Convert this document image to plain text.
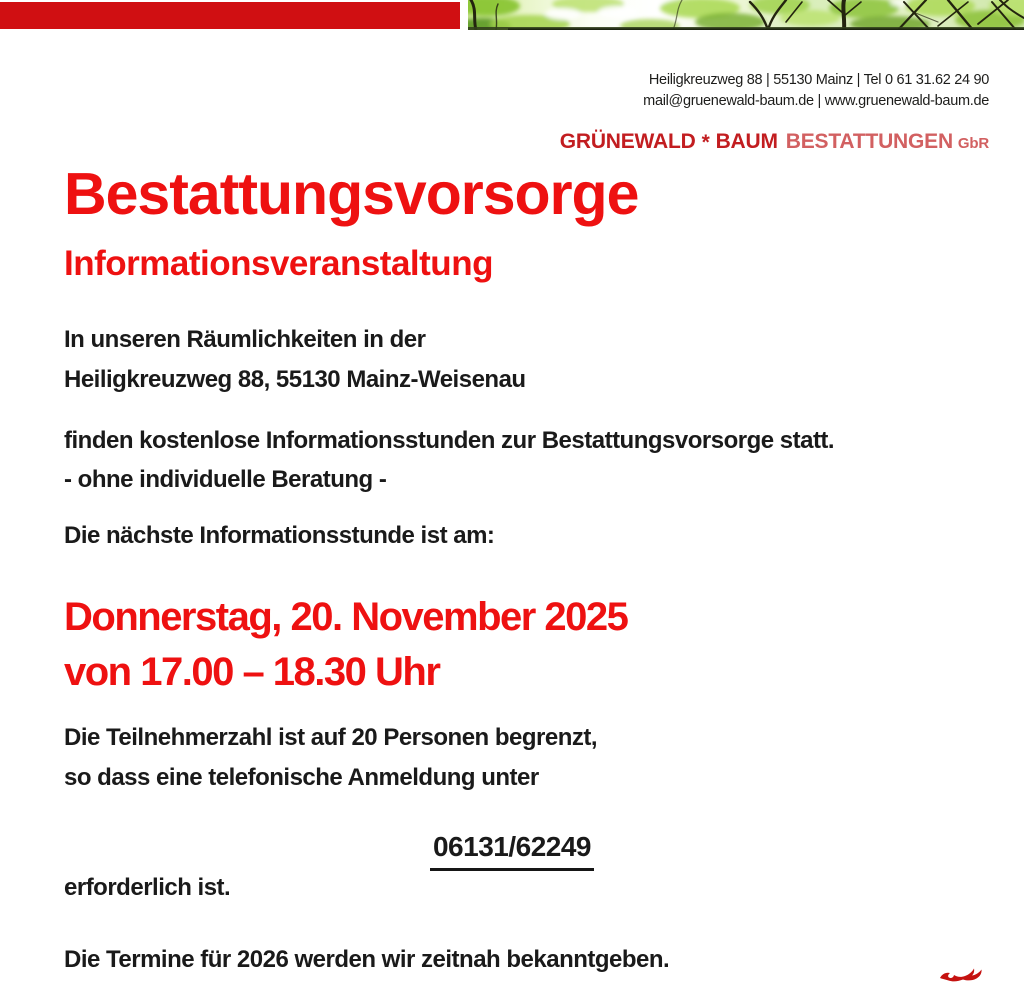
Heiligkreuzweg 88 | 55130 Mainz | Tel 0 61 31.62 24 90
mail@gruenewald-baum.de | www.gruenewald-baum.de
GRÜNEWALD * BAUM BESTATTUNGEN GbR
Bestattungsvorsorge
Informationsveranstaltung
In unseren Räumlichkeiten in der
Heiligkreuzweg 88, 55130 Mainz-Weisenau
finden kostenlose Informationsstunden zur Bestattungsvorsorge statt.
- ohne individuelle Beratung -
Die nächste Informationsstunde ist am:
Donnerstag, 20. November 2025
von 17.00 – 18.30 Uhr
Die Teilnehmerzahl ist auf 20 Personen begrenzt,
so dass eine telefonische Anmeldung unter
06131/62249
erforderlich ist.
Die Termine für 2026 werden wir zeitnah bekanntgeben.
